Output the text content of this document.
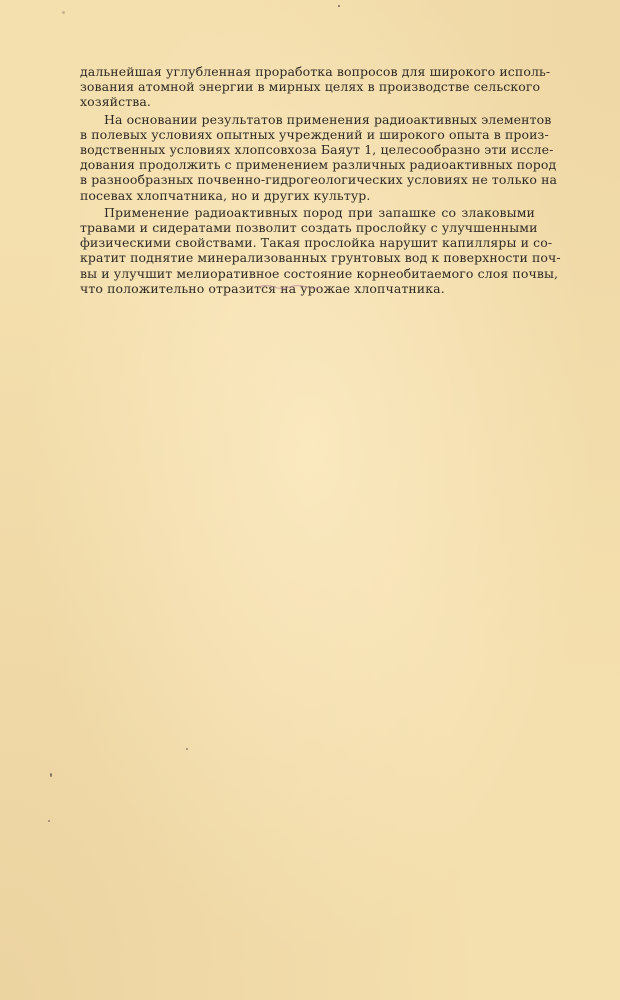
дальнейшая углубленная проработка вопросов для широкого исполь-
зования атомной энергии в мирных целях в производстве сельского
хозяйства.

На основании результатов применения радиоактивных элементов
в полевых условиях опытных учреждений и широкого опыта в произ-
водственных условиях хлопсовхоза Баяут 1, целесообразно эти иссле-
дования продолжить с применением различных радиоактивных пород
в разнообразных почвенно-гидрогеологических условиях не только на
посевах хлопчатника, но и других культур.

Применение радиоактивных пород при запашке со злаковыми
травами и сидератами позволит создать прослойку с улучшенными
физическими свойствами. Такая прослойка нарушит капилляры и со-
кратит поднятие минерализованных грунтовых вод к поверхности поч-
вы и улучшит мелиоративное состояние корнеобитаемого слоя почвы,
что положительно отразится на урожае хлопчатника.
